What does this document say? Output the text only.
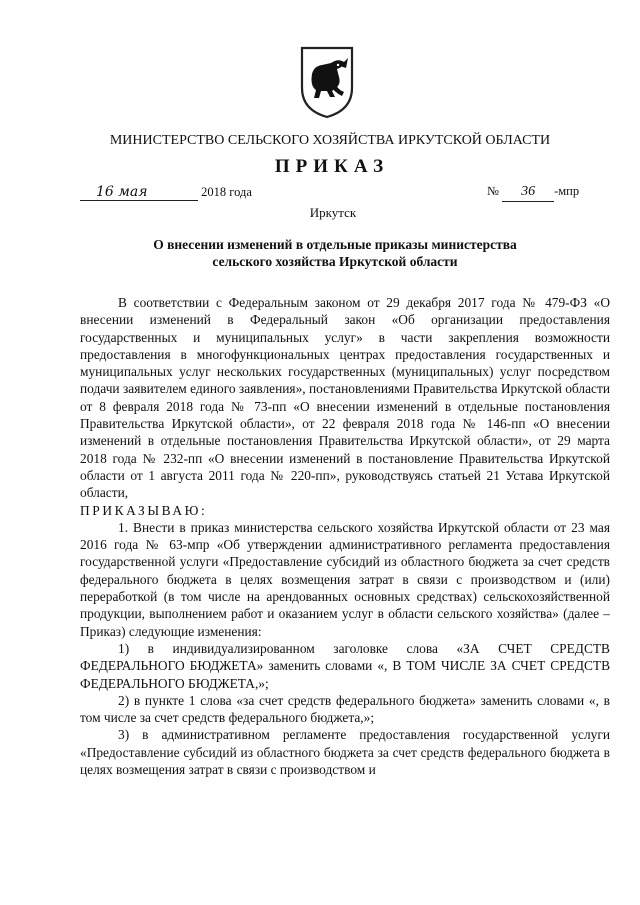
МИНИСТЕРСТВО СЕЛЬСКОГО ХОЗЯЙСТВА ИРКУТСКОЙ ОБЛАСТИ
ПРИКАЗ
16 мая	2018 года	№ 36 -мпр
Иркутск
О внесении изменений в отдельные приказы министерства сельского хозяйства Иркутской области

В соответствии с Федеральным законом от 29 декабря 2017 года № 479-ФЗ «О внесении изменений в Федеральный закон «Об организации предоставления государственных и муниципальных услуг» в части закрепления возможности предоставления в многофункциональных центрах предоставления государственных и муниципальных услуг нескольких государственных (муниципальных) услуг посредством подачи заявителем единого заявления», постановлениями Правительства Иркутской области от 8 февраля 2018 года № 73-пп «О внесении изменений в отдельные постановления Правительства Иркутской области», от 22 февраля 2018 года № 146-пп «О внесении изменений в отдельные постановления Правительства Иркутской области», от 29 марта 2018 года № 232-пп «О внесении изменений в постановление Правительства Иркутской области от 1 августа 2011 года № 220-пп», руководствуясь статьей 21 Устава Иркутской области,

ПРИКАЗЫВАЮ:

1. Внести в приказ министерства сельского хозяйства Иркутской области от 23 мая 2016 года № 63-мпр «Об утверждении административного регламента предоставления государственной услуги «Предоставление субсидий из областного бюджета за счет средств федерального бюджета в целях возмещения затрат в связи с производством и (или) переработкой (в том числе на арендованных основных средствах) сельскохозяйственной продукции, выполнением работ и оказанием услуг в области сельского хозяйства» (далее – Приказ) следующие изменения:

1) в индивидуализированном заголовке слова «ЗА СЧЕТ СРЕДСТВ ФЕДЕРАЛЬНОГО БЮДЖЕТА» заменить словами «, В ТОМ ЧИСЛЕ ЗА СЧЕТ СРЕДСТВ ФЕДЕРАЛЬНОГО БЮДЖЕТА,»;

2) в пункте 1 слова «за счет средств федерального бюджета» заменить словами «, в том числе за счет средств федерального бюджета,»;

3) в административном регламенте предоставления государственной услуги «Предоставление субсидий из областного бюджета за счет средств федерального бюджета в целях возмещения затрат в связи с производством и
